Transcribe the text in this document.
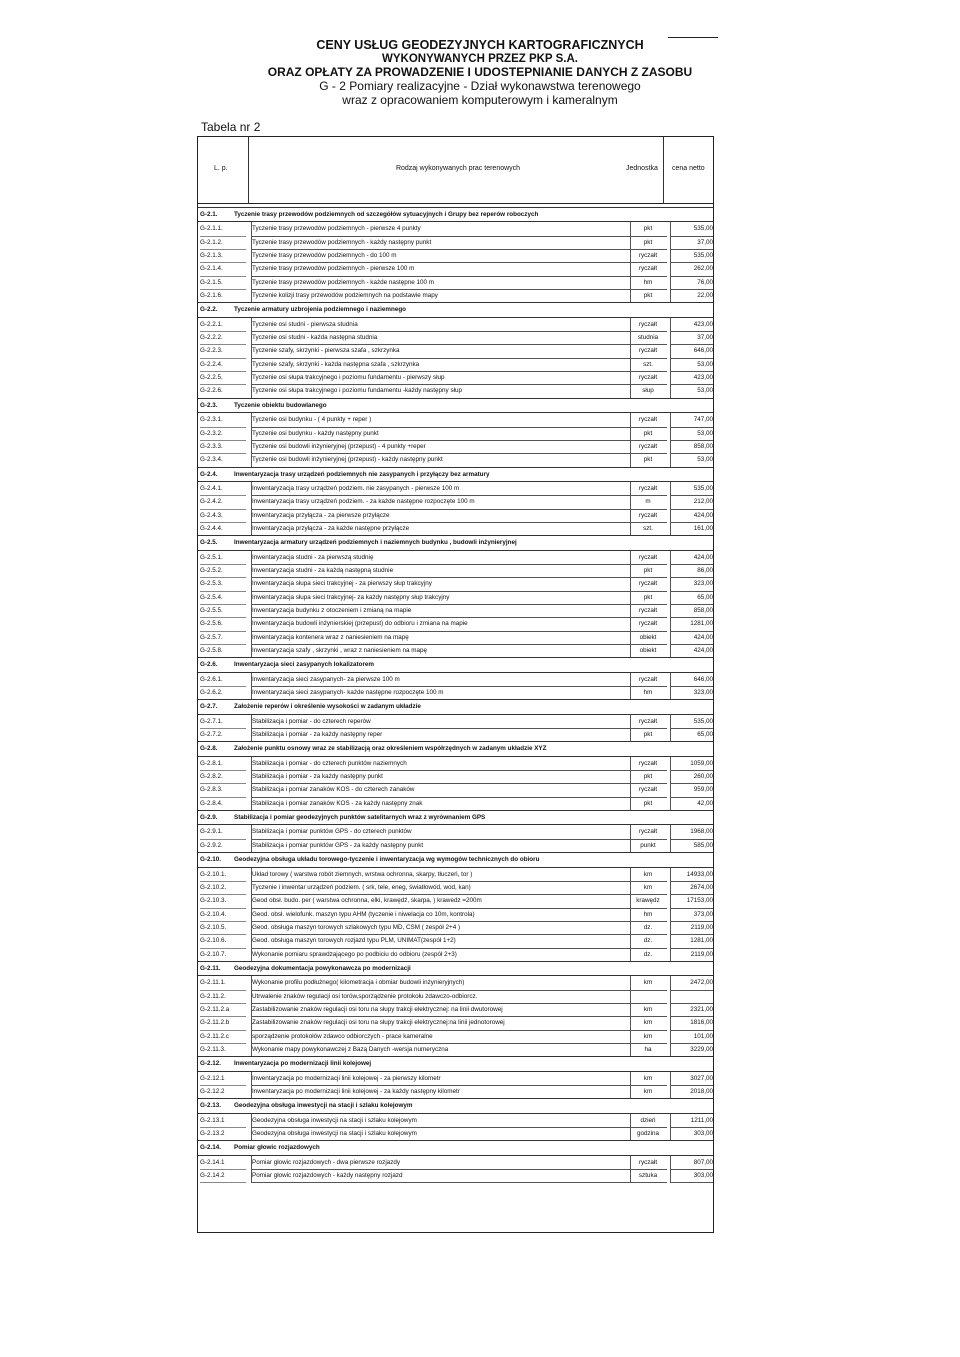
CENY USŁUG GEODEZYJNYCH KARTOGRAFICZNYCH
WYKONYWANYCH PRZEZ PKP S.A.
ORAZ OPŁATY ZA PROWADZENIE I UDOSTEPNIANIE DANYCH Z ZASOBU
G - 2 Pomiary realizacyjne - Dział wykonawstwa terenowego
wraz z opracowaniem komputerowym i kameralnym
Tabela nr 2
L. p.	Rodzaj wykonywanych prac terenowych	Jednostka cena netto
G-2.1.	Tyczenie trasy przewodów podziemnych od szczegółów sytuacyjnych i Grupy bez reperów roboczych
G-2.1.1.	Tyczenie trasy przewodów podziemnych - pierwsze 4 punkty	pkt	535,00
G-2.1.2.	Tyczenie trasy przewodów podziemnych - każdy następny punkt	pkt	37,00
G-2.1.3.	Tyczenie trasy przewodów podziemnych - do 100 m	ryczałt	535,00
G-2.1.4.	Tyczenie trasy przewodów podziemnych - pierwsze 100 m	ryczałt	262,00
G-2.1.5.	Tyczenie trasy przewodów podziemnych - każde następne 100 m	hm	76,00
G-2.1.6.	Tyczenie kolizji trasy przewodów podziemnych na podstawie mapy	pkt	22,00
G-2.2.	Tyczenie armatury uzbrojenia podziemnego i naziemnego
G-2.2.1.	Tyczenie osi studni - pierwsza studnia	ryczałt	423,00
G-2.2.2.	Tyczenie osi studni - każda następna studnia	studnia	37,00
G-2.2.3.	Tyczenie szafy, skrzynki - pierwsza szafa , szkrzynka	ryczałt	646,00
G-2.2.4.	Tyczenie szafy, skrzynki - każda następna szafa , szkrzynka	szt.	53,00
G-2.2.5.	Tyczenie osi słupa trakcyjnego i poziomu fundamentu - pierwszy słup	ryczałt	423,00
G-2.2.6.	Tyczenie osi słupa trakcyjnego i poziomu fundamentu -każdy następny słup	słup	53,00
G-2.3.	Tyczenie obiektu budowlanego
G-2.3.1.	Tyczenie osi budynku - ( 4 punkty + reper )	ryczałt	747,00
G-2.3.2.	Tyczenie osi budynku - każdy następny punkt	pkt	53,00
G-2.3.3.	Tyczenie osi budowli inżynieryjnej (przepust) - 4 punkty +reper	ryczałt	858,00
G-2.3.4.	Tyczenie osi budowli inżynieryjnej (przepust) - każdy następny punkt	pkt	53,00
G-2.4.	Inwentaryzacja trasy urządzeń podziemnych nie zasypanych i przyłączy bez armatury
G-2.4.1.	Inwentaryzacja trasy urządzeń podziem. nie zasypanych - pierwsze 100 m	ryczałt	535,00
G-2.4.2.	Inwentaryzacja trasy urządzeń podziem. - za każde następne rozpoczęte 100 m	m	212,00
G-2.4.3.	Inwentaryzacja przyłącza - za pierwsze przyłącze	ryczałt	424,00
G-2.4.4.	Inwentaryzacja przyłącza - za każde następne przyłącze	szt.	161,00
G-2.5.	Inwentaryzacja armatury urządzeń podziemnych i naziemnych budynku , budowli inżynieryjnej
G-2.5.1.	Inwentaryzacja studni - za pierwszą studnię	ryczałt	424,00
G-2.5.2.	Inwentaryzacja studni - za każdą następną studnie	pkt	86,00
G-2.5.3.	Inwentaryzacja słupa sieci trakcyjnej - za pierwszy słup trakcyjny	ryczałt	323,00
G-2.5.4.	Inwentaryzacja słupa sieci trakcyjnej- za każdy następny słup trakcyjny	pkt	65,00
G-2.5.5.	Inwentaryzacja budynku z otoczeniem i zmianą na mapie	ryczałt	858,00
G-2.5.6.	Inwentaryzacja budowli inżynierskiej (przepust) do odbioru i zmiana na mapie	ryczałt	1281,00
G-2.5.7.	Inwentaryzacja kontenera wraz z naniesieniem na mapę	obiekt	424,00
G-2.5.8.	Inwentaryzacja szafy , skrzynki , wraz z naniesieniem na mapę	obiekt	424,00
G-2.6.	Inwentaryzacja sieci zasypanych lokalizatorem
G-2.6.1.	Inwentaryzacja sieci zasypanych- za pierwsze 100 m	ryczałt	646,00
G-2.6.2.	Inwentaryzacja sieci zasypanych- każde następne rozpoczęte 100 m	hm	323,00
G-2.7.	Założenie reperów i określenie wysokości w zadanym układzie
G-2.7.1.	Stabilizacja i pomiar - do czterech reperów	ryczałt	535,00
G-2.7.2.	Stabilizacja i pomiar - za każdy następny reper	pkt	65,00
G-2.8.	Założenie punktu osnowy wraz ze stabilizacją oraz określeniem współrzędnych w zadanym układzie XYZ
G-2.8.1.	Stabilizacja i pomiar - do czterech punktów naziemnych	ryczałt	1059,00
G-2.8.2.	Stabilizacja i pomiar - za każdy następny punkt	pkt	260,00
G-2.8.3.	Stabilizacja i pomiar zanaków KOS - do czterech zanaków	ryczałt	959,00
G-2.8.4.	Stabilizacja i pomiar zanaków KOS - za każdy następny znak	pkt	42,00
G-2.9.	Stabilizacja i pomiar geodezyjnych punktów satelitarnych wraz z wyrównaniem GPS
G-2.9.1.	Stabilizacja i pomiar punktów GPS - do czterech punktów	ryczałt	1968,00
G-2.9.2.	Stabilizacja i pomiar punktów GPS - za każdy następny punkt	punkt	585,00
G-2.10.	Geodezyjna obsługa układu torowego-tyczenie i inwentaryzacja wg wymogów technicznych do obioru
G-2.10.1.	Układ torowy ( warstwa robót ziemnych, wrstwa ochronna, skarpy, tłuczeń, tor )	km	14933,00
G-2.10.2.	Tyczenie i inwentar urządzeń podziem. ( srk, tele, eneg, światłowód, wod, kan)	km	2674,00
G-2.10.3.	Geod obsł. budo. per ( warstwa ochronna, elki, krawędź, skarpa, ) krawedz =200m	krawędz	17153,00
G-2.10.4.	Geod. obsł. wielofunk. maszyn typu AHM (tyczenie i niwelacja co 10m, kontrola)	hm	373,00
G-2.10.5.	Geod. obsługa maszyn torowych szlakowych typu MD, CSM ( zespół 2+4 )	dz.	2119,00
G-2.10.6.	Geod. obsługa maszyn torowych rozjazd typu PLM, UNIMAT(zespół 1+2)	dz.	1281,00
G-2.10.7.	Wykonanie pomiaru sprawdzającego po podbiciu do odbioru (zespół 2+3)	dz.	2119,00
G-2.11.	Geodezyjna dokumentacja powykonawcza po modernizacji
G-2.11.1.	Wykonanie profilu podłużnego( kilometracja i obmiar budowli inżynieryjnych)	km	2472,00
G-2.11.2.	Utrwalenie znaków regulacji osi torów,sporządzenie protokołu zdawczo-odbiorcz.
G-2.11.2.a	Zastabilizowanie znaków regulacji osi toru na słupy trakcji elektrycznej: na linii dwutorowej	km	2321,00
G-2.11.2.b	Zastabilizowanie znaków regulacji osi toru na słupy trakcji elektrycznej:na linii jednotorowej	km	1816,00
G-2.11.2.c	sporządzenie protokołów zdawco odbiorczych - prace kameralne	km	101,00
G-2.11.3.	Wykonanie mapy powykonawczej z Bazą Danych -wersja numeryczna	ha	3229,00
G-2.12.	Inwentaryzacja po modernizacji linii kolejowej
G-2.12.1	Inwentaryzacja po modernizacji linii kolejowej - za pierwszy kilometr	km	3027,00
G-2.12.2	Inwentaryzacja po modernizacji linii kolejowej - za każdy następny kilometr	km	2018,00
G-2.13.	Geodezyjna obsługa inwestycji na stacji i szlaku kolejowym
G-2.13.1	Geodezyjna obsługa inwestycji na stacji i szlaku kolejowym	dzień	1211,00
G-2.13.2	Geodezyjna obsługa inwestycji na stacji i szlaku kolejowym	godzina	303,00
G-2.14.	Pomiar głowic rozjazdowych
G-2.14.1	Pomiar głowic rozjazdowych - dwa pierwsze rozjazdy	ryczałt	807,00
G-2.14.2	Pomiar głowic rozjazdowych - każdy następny rozjazd	sztuka	303,00
